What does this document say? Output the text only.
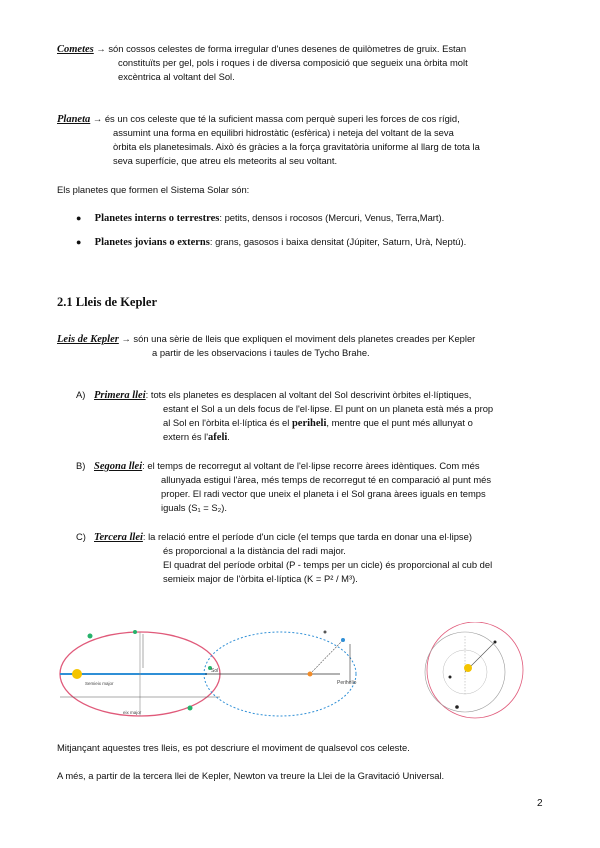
Cometes → són cossos celestes de forma irregular d'unes desenes de quilòmetres de gruix. Estan
constituïts per gel, pols i roques i de diversa composició que segueix una òrbita molt
excèntrica al voltant del Sol.
Planeta → és un cos celeste que té la suficient massa com perquè superi les forces de cos rígid,
assumint una forma en equilibri hidrostàtic (esfèrica) i neteja del voltant de la seva
òrbita els planetesimals. Això és gràcies a la força gravitatòria uniforme al llarg de tota la
seva superfície, que atreu els meteorits al seu voltant.
Els planetes que formen el Sistema Solar són:
● Planetes interns o terrestres: petits, densos i rocosos (Mercuri, Venus, Terra,Mart).
● Planetes jovians o externs: grans, gasosos i baixa densitat (Júpiter, Saturn, Urà, Neptú).
2.1 Lleis de Kepler
Leis de Kepler → són una sèrie de lleis que expliquen el moviment dels planetes creades per Kepler
a partir de les observacions i taules de Tycho Brahe.
A) Primera llei: tots els planetes es desplacen al voltant del Sol descrivint òrbites el·líptiques,
estant el Sol a un dels focus de l'el·lipse. El punt on un planeta està més a prop
al Sol en l'òrbita el·líptica és el periheli, mentre que el punt més allunyat o
extern és l'afeli.
B) Segona llei: el temps de recorregut al voltant de l'el·lipse recorre àrees idèntiques. Com més
allunyada estigui l'àrea, més temps de recorregut té en comparació al punt més
proper. El radi vector que uneix el planeta i el Sol grana àrees iguals en temps
iguals (S₁ = S₂).
C) Tercera llei: la relació entre el període d'un cicle (el temps que tarda en donar una el·lipse)
és proporcional a la distància del radi major.
El quadrat del període orbital (P - temps per un cicle) és proporcional al cub del
semieix major de l'òrbita el·líptica (K = P² / M³).
Semieix major
eix major
Sol
Perihelio
Mitjançant aquestes tres lleis, es pot descriure el moviment de qualsevol cos celeste.
A més, a partir de la tercera llei de Kepler, Newton va treure la Llei de la Gravitació Universal.
2
